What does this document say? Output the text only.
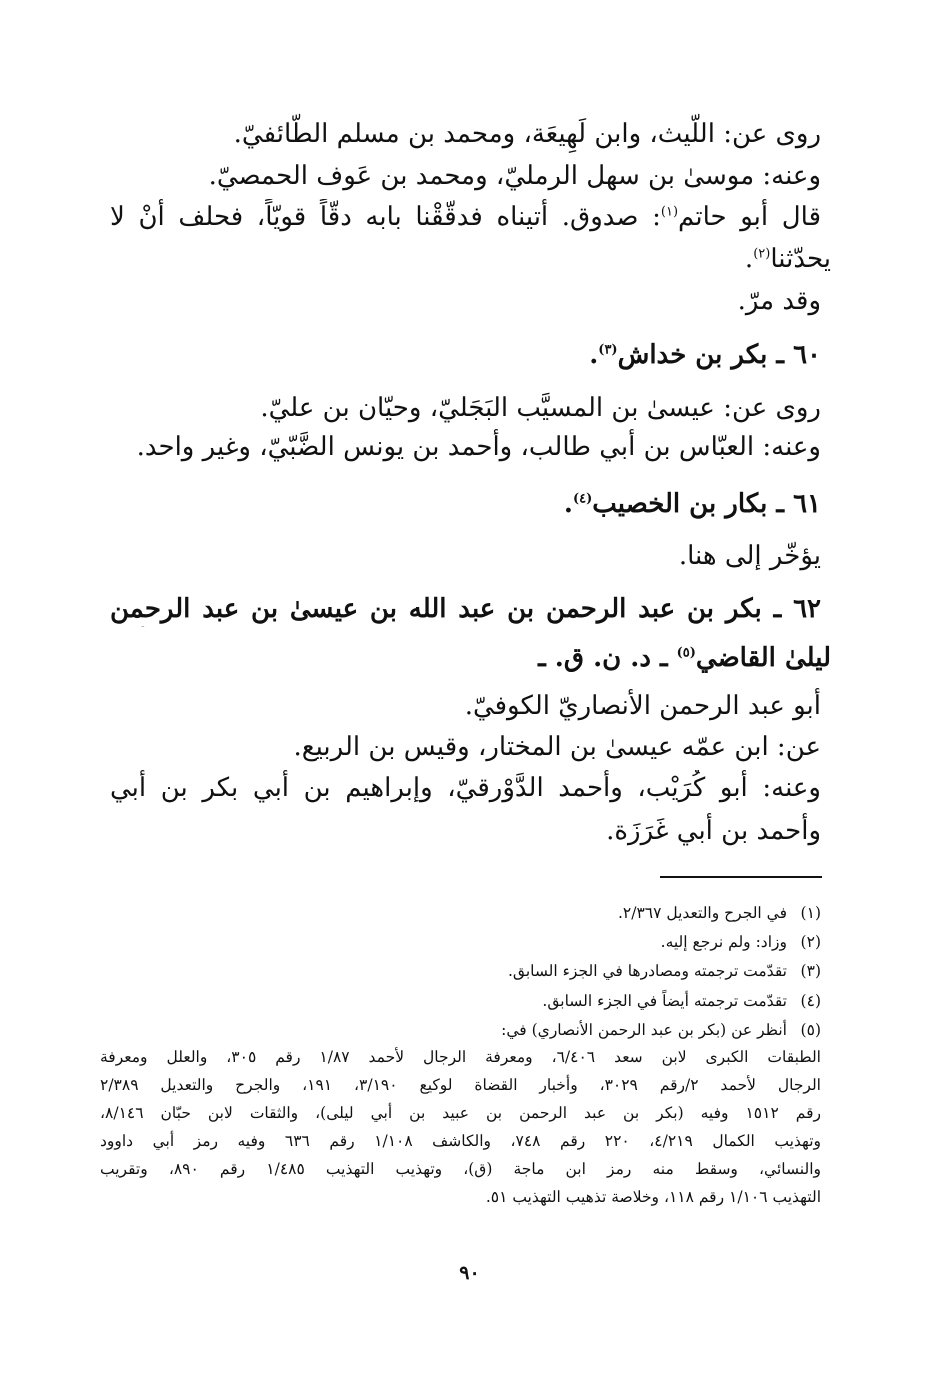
روى عن: اللّيث، وابن لَهِيعَة، ومحمد بن مسلم الطّائفيّ.
وعنه: موسىٰ بن سهل الرمليّ، ومحمد بن عَوف الحمصيّ.
قال أبو حاتم$^{(١)}$: صدوق. أتيناه فدقّقْنا بابه دقّاً قويّاً، فحلف أنْ لا
يحدّثنا$^{(٢)}$.
وقد مرّ.
٦٠ ـ بكر بن خداش$^{(٣)}$.
روى عن: عيسىٰ بن المسيَّب البَجَليّ، وحيّان بن عليّ.
وعنه: العبّاس بن أبي طالب، وأحمد بن يونس الضَّبّيّ، وغير واحد.
٦١ ـ بكار بن الخصيب$^{(٤)}$.
يؤخّر إلى هنا.
٦٢ ـ بكر بن عبد الرحمن بن عبد الله بن عيسىٰ بن عبد الرحمن
ليلىٰ القاضي$^{(٥)}$ ـ د. ن. ق. ـ
أبو عبد الرحمن الأنصاريّ الكوفيّ.
عن: ابن عمّه عيسىٰ بن المختار، وقيس بن الربيع.
وعنه: أبو كُرَيْب، وأحمد الدَّوْرقيّ، وإبراهيم بن أبي بكر بن أبي
وأحمد بن أبي غَرَزَة.
(١)في الجرح والتعديل ٢/٣٦٧.
(٢)وزاد: ولم نرجع إليه.
(٣)تقدّمت ترجمته ومصادرها في الجزء السابق.
(٤)تقدّمت ترجمته أيضاً في الجزء السابق.
(٥)أنظر عن (بكر بن عبد الرحمن الأنصاري) في:
الطبقات الكبرى لابن سعد ٦/٤٠٦، ومعرفة الرجال لأحمد ١/٨٧ رقم ٣٠٥، والعلل ومعرفة
الرجال لأحمد ٢/رقم ٣٠٢٩، وأخبار القضاة لوكيع ٣/١٩٠، ١٩١، والجرح والتعديل ٢/٣٨٩
رقم ١٥١٢ وفيه (بكر بن عبد الرحمن بن عبيد بن أبي ليلى)، والثقات لابن حبّان ٨/١٤٦،
وتهذيب الكمال ٤/٢١٩، ٢٢٠ رقم ٧٤٨، والكاشف ١/١٠٨ رقم ٦٣٦ وفيه رمز أبي داوود
والنسائي، وسقط منه رمز ابن ماجة (ق)، وتهذيب التهذيب ١/٤٨٥ رقم ٨٩٠، وتقريب
التهذيب ١/١٠٦ رقم ١١٨، وخلاصة تذهيب التهذيب ٥١.
٩٠
